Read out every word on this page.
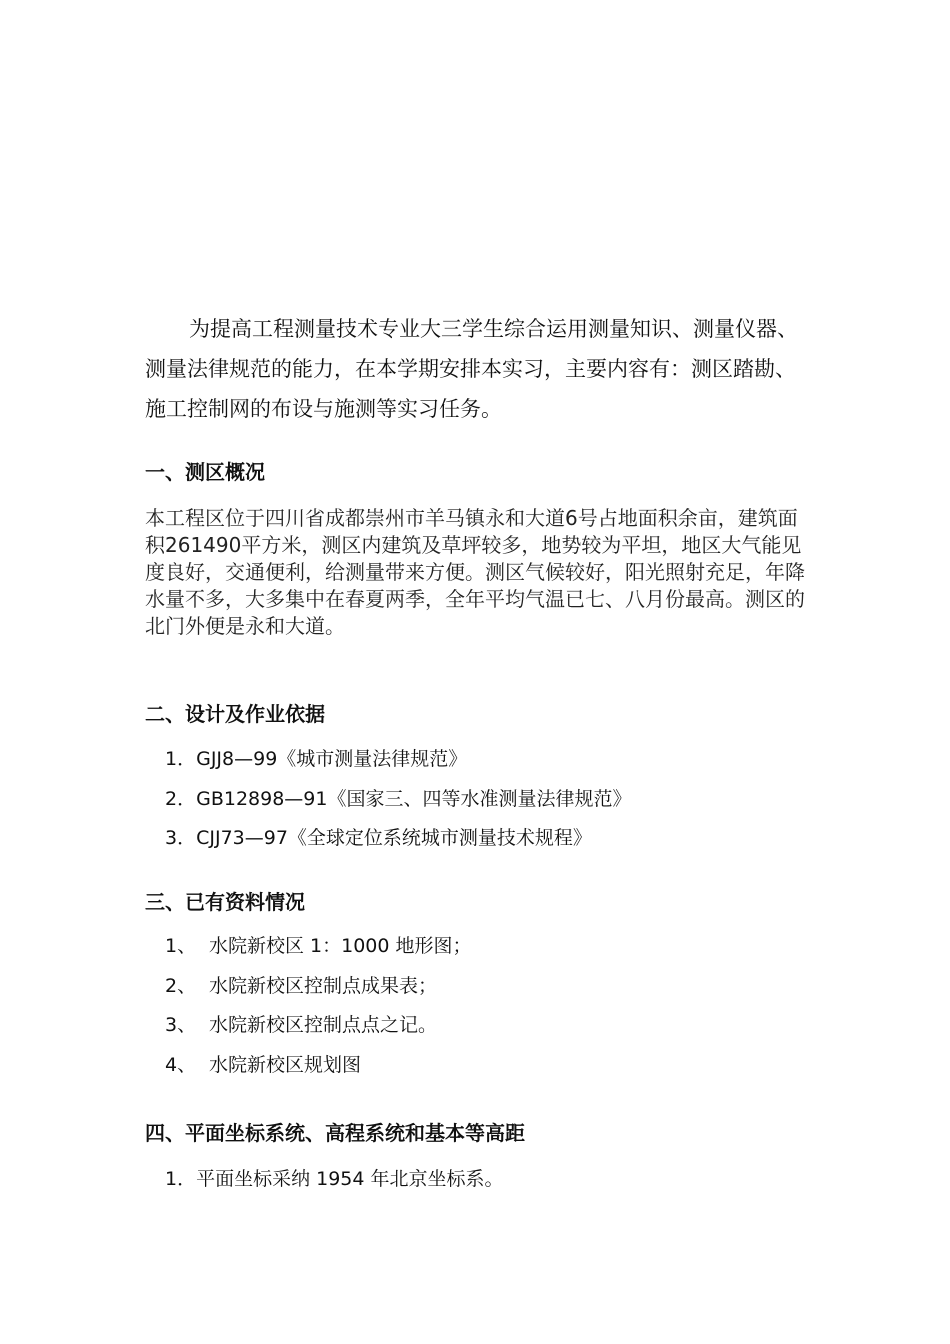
为提高工程测量技术专业大三学生综合运用测量知识、测量仪器、测量法律规范的能力，在本学期安排本实习，主要内容有：测区踏勘、施工控制网的布设与施测等实习任务。

一、测区概况

本工程区位于四川省成都崇州市羊马镇永和大道6号占地面积余亩，建筑面积261490平方米，测区内建筑及草坪较多，地势较为平坦，地区大气能见度良好，交通便利，给测量带来方便。测区气候较好，阳光照射充足，年降水量不多，大多集中在春夏两季，全年平均气温已七、八月份最高。测区的北门外便是永和大道。

二、设计及作业依据
1．GJJ8—99《城市测量法律规范》
2．GB12898—91《国家三、四等水准测量法律规范》
3．CJJ73—97《全球定位系统城市测量技术规程》
三、已有资料情况
1、 水院新校区 1：1000 地形图；
2、 水院新校区控制点成果表；
3、 水院新校区控制点点之记。
4、 水院新校区规划图
四、平面坐标系统、高程系统和基本等高距
1．平面坐标采纳 1954 年北京坐标系。
